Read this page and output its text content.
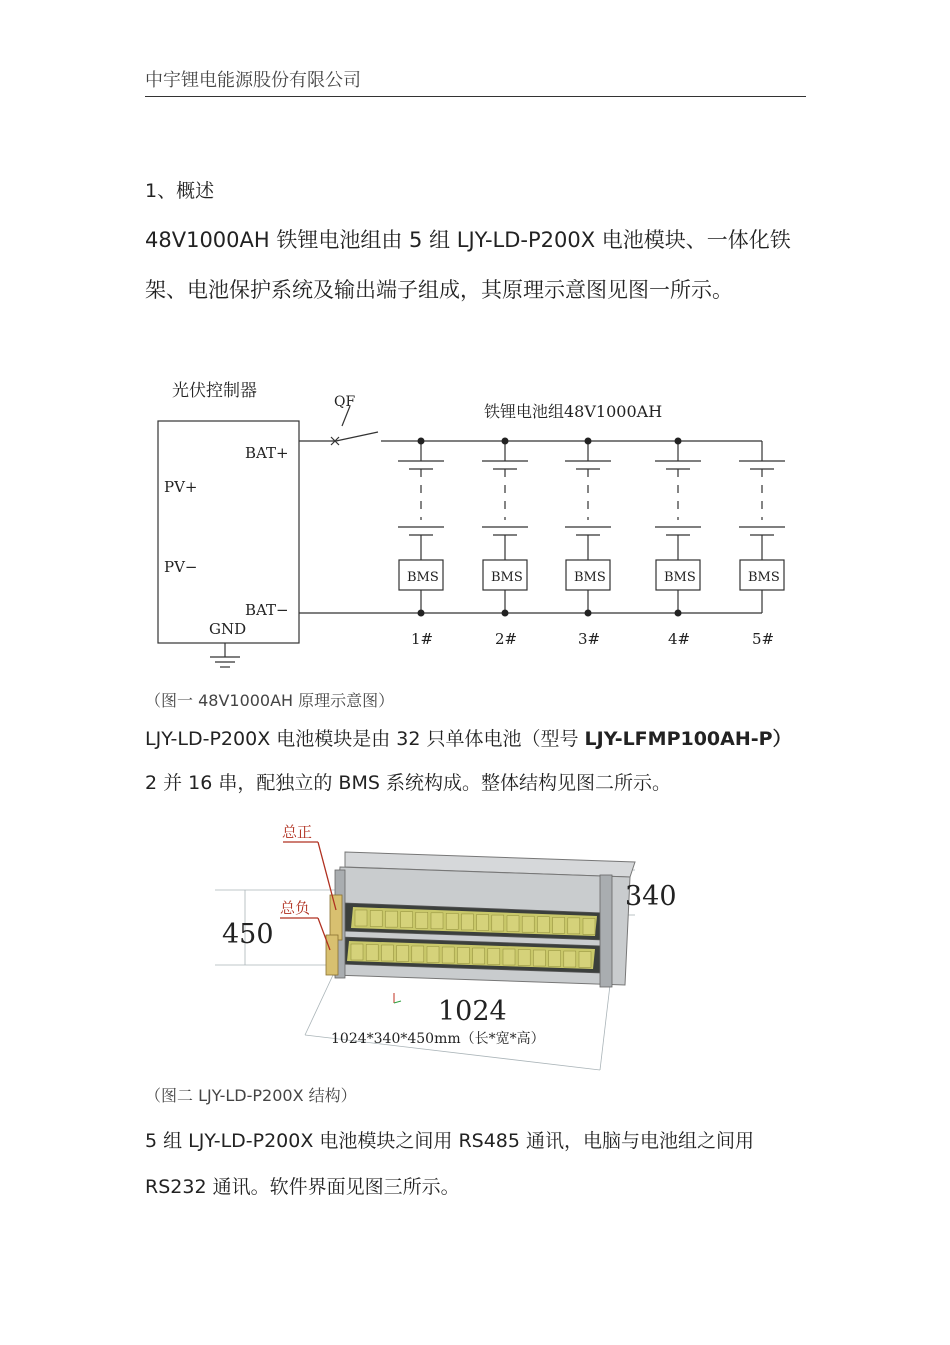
中宇锂电能源股份有限公司
1、概述
48V1000AH 铁锂电池组由 5 组 LJY-LD-P200X 电池模块、一体化铁架、电池保护系统及输出端子组成，其原理示意图见图一所示。
光伏控制器
QF	铁锂电池组48V1000AH
BAT+
PV+
PV−
BAT−
GND
BMS
1#
BMS
2#
BMS
3#
BMS
4#
BMS
5#
（图一 48V1000AH 原理示意图）
LJY-LD-P200X 电池模块是由 32 只单体电池（型号 LJY-LFMP100AH-P）
2 并 16 串，配独立的 BMS 系统构成。整体结构见图二所示。
总正
总负
450
340
1024
1024*340*450mm（长*宽*高）
（图二 LJY-LD-P200X 结构）
5 组 LJY-LD-P200X 电池模块之间用 RS485 通讯，电脑与电池组之间用 RS232 通讯。软件界面见图三所示。
